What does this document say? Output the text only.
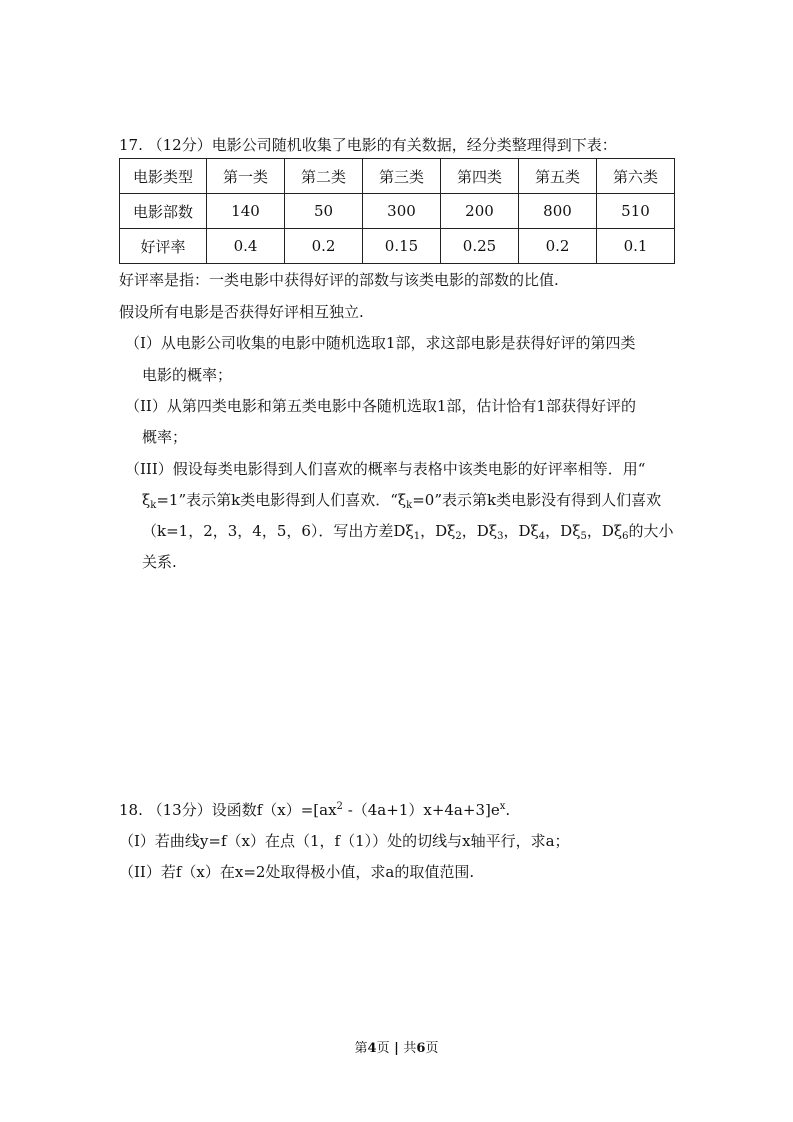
17. （12分）电影公司随机收集了电影的有关数据，经分类整理得到下表：
电影类型	第一类	第二类	第三类	第四类	第五类	第六类
电影部数	140	50	300	200	800	510
好评率	0.4	0.2	0.15	0.25	0.2	0.1
好评率是指：一类电影中获得好评的部数与该类电影的部数的比值.
假设所有电影是否获得好评相互独立.
（I）从电影公司收集的电影中随机选取1部，求这部电影是获得好评的第四类
电影的概率；
（II）从第四类电影和第五类电影中各随机选取1部，估计恰有1部获得好评的
概率；
（III）假设每类电影得到人们喜欢的概率与表格中该类电影的好评率相等．用“
$\xi_k=1$”表示第k类电影得到人们喜欢．“$\xi_k=0$”表示第k类电影没有得到人们喜欢
（k=1，2，3，4，5，6）．写出方差$D\xi_1$，$D\xi_2$，$D\xi_3$，$D\xi_4$，$D\xi_5$，$D\xi_6$的大小
关系.
18. （13分）设函数$f(x)=[ax^2$ $-(4a+1)x+4a+3]e^x$.
（I）若曲线y=f（x）在点（1，f（1））处的切线与x轴平行，求a；
（II）若f（x）在x=2处取得极小值，求a的取值范围.
第4页 | 共6页
